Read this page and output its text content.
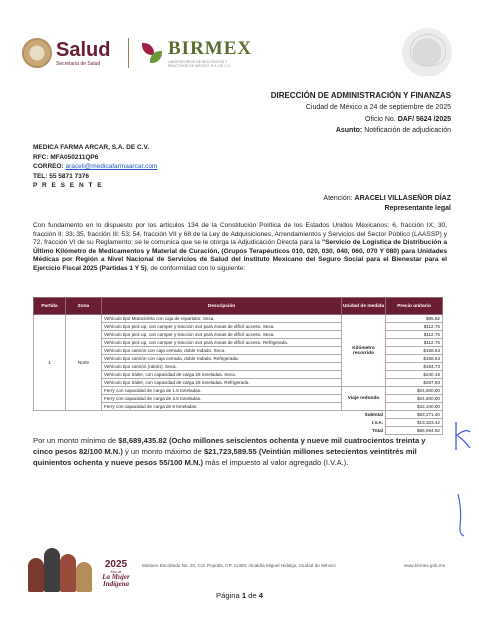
Salud
Secretaría de Salud
BIRMEX
LABORATORIOS DE BIOLÓGICOS Y REACTIVOS DE MÉXICO, S.A. DE C.V.
DIRECCIÓN DE ADMINISTRACIÓN Y FINANZAS
Ciudad de México a 24 de septiembre de 2025
Oficio No. DAF/ 5624 /2025
Asunto: Notificación de adjudicación
MEDICA FARMA ARCAR, S.A. DE C.V.
RFC: MFA050211QP6
CORREO: araceli@medicafarmaarcar.com
TEL: 55 5871 7376
P R E S E N T E
Atención: ARACELI VILLASEÑOR DÍAZ
Representante legal
Con fundamento en lo dispuesto por los artículos 134 de la Constitución Política de los Estados Unidos Mexicanos; 6, fracción IX; 30, fracción II; 33; 35, fracción III; 53; 54, fracción VII y 68 de la Ley de Adquisiciones, Arrendamientos y Servicios del Sector Público (LAASSP) y 72, fracción VI de su Reglamento; se le comunica que se le otorga la Adjudicación Directa para la "Servicio de Logística de Distribución a Último Kilómetro de Medicamentos y Material de Curación, (Grupos Terapéuticos 010, 020, 030, 040, 060, 070 Y 080) para Unidades Médicas por Región a Nivel Nacional de Servicios de Salud del Instituto Mexicano del Seguro Social para el Bienestar para el Ejercicio Fiscal 2025 (Partidas 1 Y 5), de conformidad con lo siguiente:
Partida	Zona	Descripción	Unidad de medida	Precio unitario
1	Norte	Vehículo tipo Motocicleta con caja de repartidor. Seca.	Kilómetro recorrido	$95.82
		Vehículo tipo pick up, con camper y tracción 4x4 para zonas de difícil acceso. Seca.		$112.75
		Vehículo tipo pick up, con camper y tracción 4x4 para zonas de difícil acceso. Seca.		$112.75
		Vehículo tipo pick up, con camper y tracción 4x4 para zonas de difícil acceso. Refrigerada.		$112.75
		Vehículo tipo camión con caja cerrada, doble rodado. Seca.		$158.63
		Vehículo tipo camión con caja cerrada, doble rodado. Refrigerada.		$158.63
		Vehículo tipo camión (rabón). Seca.		$184.73
		Vehículo tipo tráiler, con capacidad de carga 25 toneladas. Seca.		$240.16
		Vehículo tipo tráiler, con capacidad de carga 25 toneladas. Refrigerada.		$267.93
		Ferry con capacidad de carga de 1.5 toneladas.	Viaje redondo	$24,800.00
		Ferry con capacidad de carga de 3.5 toneladas.		$24,800.00
		Ferry con capacidad de carga de 8 toneladas.		$32,340.00
			Subtotal	$83,271.40
			I.V.A.	$13,323.42
			Total	$96,594.82
Por un monto mínimo de $8,689,435.82 (Ocho millones seiscientos ochenta y nueve mil cuatrocientos treinta y cinco pesos 82/100 M.N.) y un monto máximo de $21,723,589.55 (Veintiún millones setecientos veintitrés mil quinientos ochenta y nueve pesos 55/100 M.N.) más el impuesto al valor agregado (I.V.A.).
2025
Año de
La Mujer
Indígena
Mariano Escobedo No. 20, Col. Popotla, CP. 11400, Alcaldía Miguel Hidalgo, Ciudad de México	www.birmex.gob.mx
Página 1 de 4
